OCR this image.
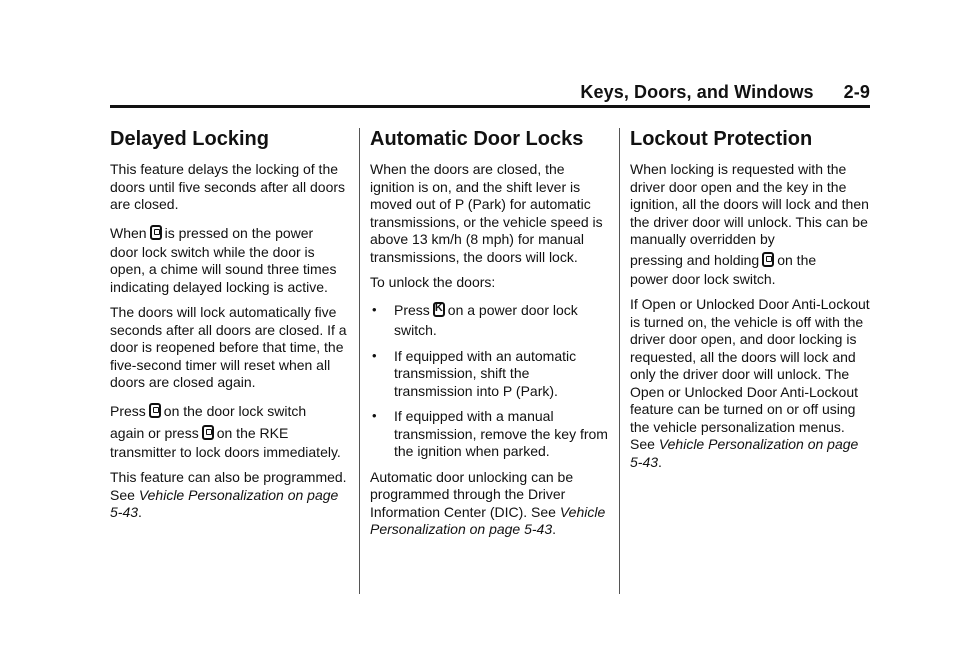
Keys, Doors, and Windows 2-9
Delayed Locking

This feature delays the locking of the doors until five seconds after all doors are closed.

When is pressed on the power
door lock switch while the door is open, a chime will sound three times indicating delayed locking is active.

The doors will lock automatically five seconds after all doors are closed. If a door is reopened before that time, the five-second timer will reset when all doors are closed again.

Press on the door lock switch
again or press on the RKE
transmitter to lock doors immediately.

This feature can also be programmed. See Vehicle Personalization on page 5-43.

Automatic Door Locks

When the doors are closed, the ignition is on, and the shift lever is moved out of P (Park) for automatic transmissions, or the vehicle speed is above 13 km/h (8 mph) for manual transmissions, the doors will lock.

To unlock the doors:

• PressK on a power door lock
switch.
• If equipped with an automatic transmission, shift the transmission into P (Park).
• If equipped with a manual transmission, remove the key from the ignition when parked.

Automatic door unlocking can be programmed through the Driver Information Center (DIC). See Vehicle Personalization on page 5-43.

Lockout Protection

When locking is requested with the driver door open and the key in the ignition, all the doors will lock and then the driver door will unlock. This can be manually overridden by
pressing and holding on the
power door lock switch.

If Open or Unlocked Door Anti-Lockout is turned on, the vehicle is off with the driver door open, and door locking is requested, all the doors will lock and only the driver door will unlock. The Open or Unlocked Door Anti-Lockout feature can be turned on or off using the vehicle personalization menus. See Vehicle Personalization on page 5-43.
